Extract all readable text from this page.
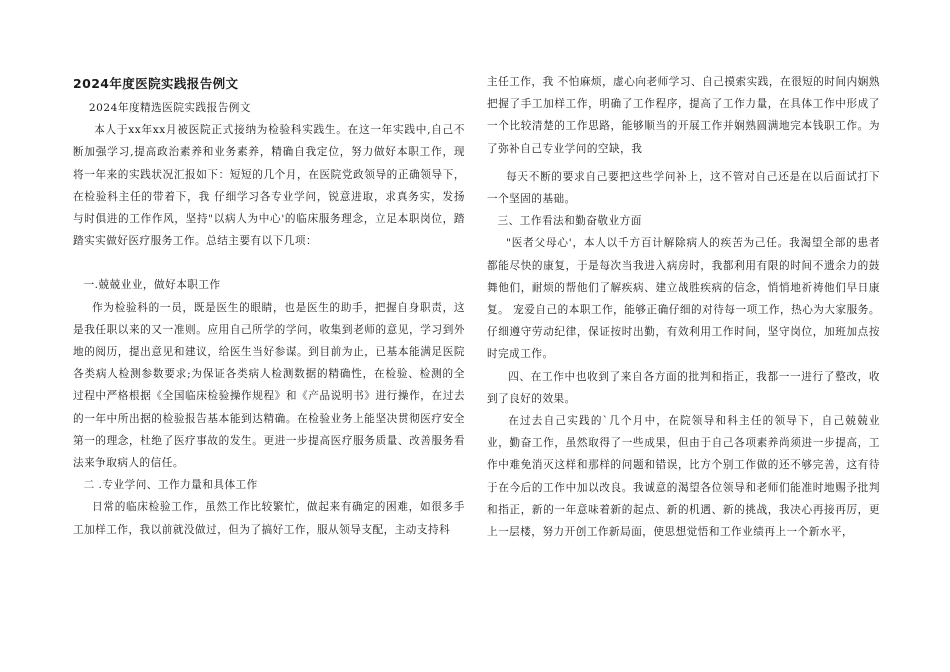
2024年度医院实践报告例文

2024年度精选医院实践报告例文

本人于xx年xx月被医院正式接纳为检验科实践生。在这一年实践中,自己不断加强学习,提高政治素养和业务素养，精确自我定位，努力做好本职工作，现将一年来的实践状况汇报如下：短短的几个月，在医院党政领导的正确领导下，在检验科主任的带着下，我 仔细学习各专业学问，锐意进取，求真务实，发扬与时俱进的工作作风，坚持"以病人为中心'的临床服务理念，立足本职岗位，踏踏实实做好医疗服务工作。总结主要有以下几项：

一.兢兢业业，做好本职工作

作为检验科的一员，既是医生的眼睛，也是医生的助手，把握自身职责，这是我任职以来的又一准则。应用自己所学的学问，收集到老师的意见，学习到外地的阅历，提出意见和建议，给医生当好参谋。到目前为止，已基本能满足医院各类病人检测参数要求;为保证各类病人检测数据的精确性，在检验、检测的全过程中严格根据《全国临床检验操作规程》和《产品说明书》进行操作，在过去的一年中所出据的检验报告基本能到达精确。在检验业务上能坚决贯彻医疗安全第一的理念，杜绝了医疗事故的发生。更进一步提高医疗服务质量、改善服务看法来争取病人的信任。

二 .专业学问、工作力量和具体工作

日常的临床检验工作，虽然工作比较繁忙，做起来有确定的困难，如很多手工加样工作，我以前就没做过，但为了搞好工作，服从领导支配，主动支持科

主任工作，我 不怕麻烦，虚心向老师学习、自己摸索实践，在很短的时间内娴熟把握了手工加样工作，明确了工作程序，提高了工作力量，在具体工作中形成了一个比较清楚的工作思路，能够顺当的开展工作并娴熟圆满地完本钱职工作。为了弥补自己专业学问的空缺，我

每天不断的要求自己要把这些学问补上，这不管对自己还是在以后面试打下一个坚固的基础。

三、工作看法和勤奋敬业方面

"医者父母心'，本人以千方百计解除病人的疾苦为己任。我渴望全部的患者都能尽快的康复，于是每次当我进入病房时，我都利用有限的时间不遗余力的鼓舞他们，耐烦的帮他们了解疾病、建立战胜疾病的信念，悄悄地祈祷他们早日康复。 宠爱自己的本职工作，能够正确仔细的对待每一项工作，热心为大家服务。仔细遵守劳动纪律，保证按时出勤，有效利用工作时间，坚守岗位，加班加点按时完成工作。

四、在工作中也收到了来自各方面的批判和指正，我都一一进行了整改，收到了良好的效果。

在过去自己实践的`几个月中，在院领导和科主任的领导下，自己兢兢业业，勤奋工作，虽然取得了一些成果，但由于自己各项素养尚须进一步提高，工作中难免消灭这样和那样的问题和错误，比方个别工作做的还不够完善，这有待于在今后的工作中加以改良。我诚意的渴望各位领导和老师们能准时地赐予批判和指正，新的一年意味着新的起点、新的机遇、新的挑战，我决心再接再厉，更上一层楼，努力开创工作新局面，使思想觉悟和工作业绩再上一个新水平，
